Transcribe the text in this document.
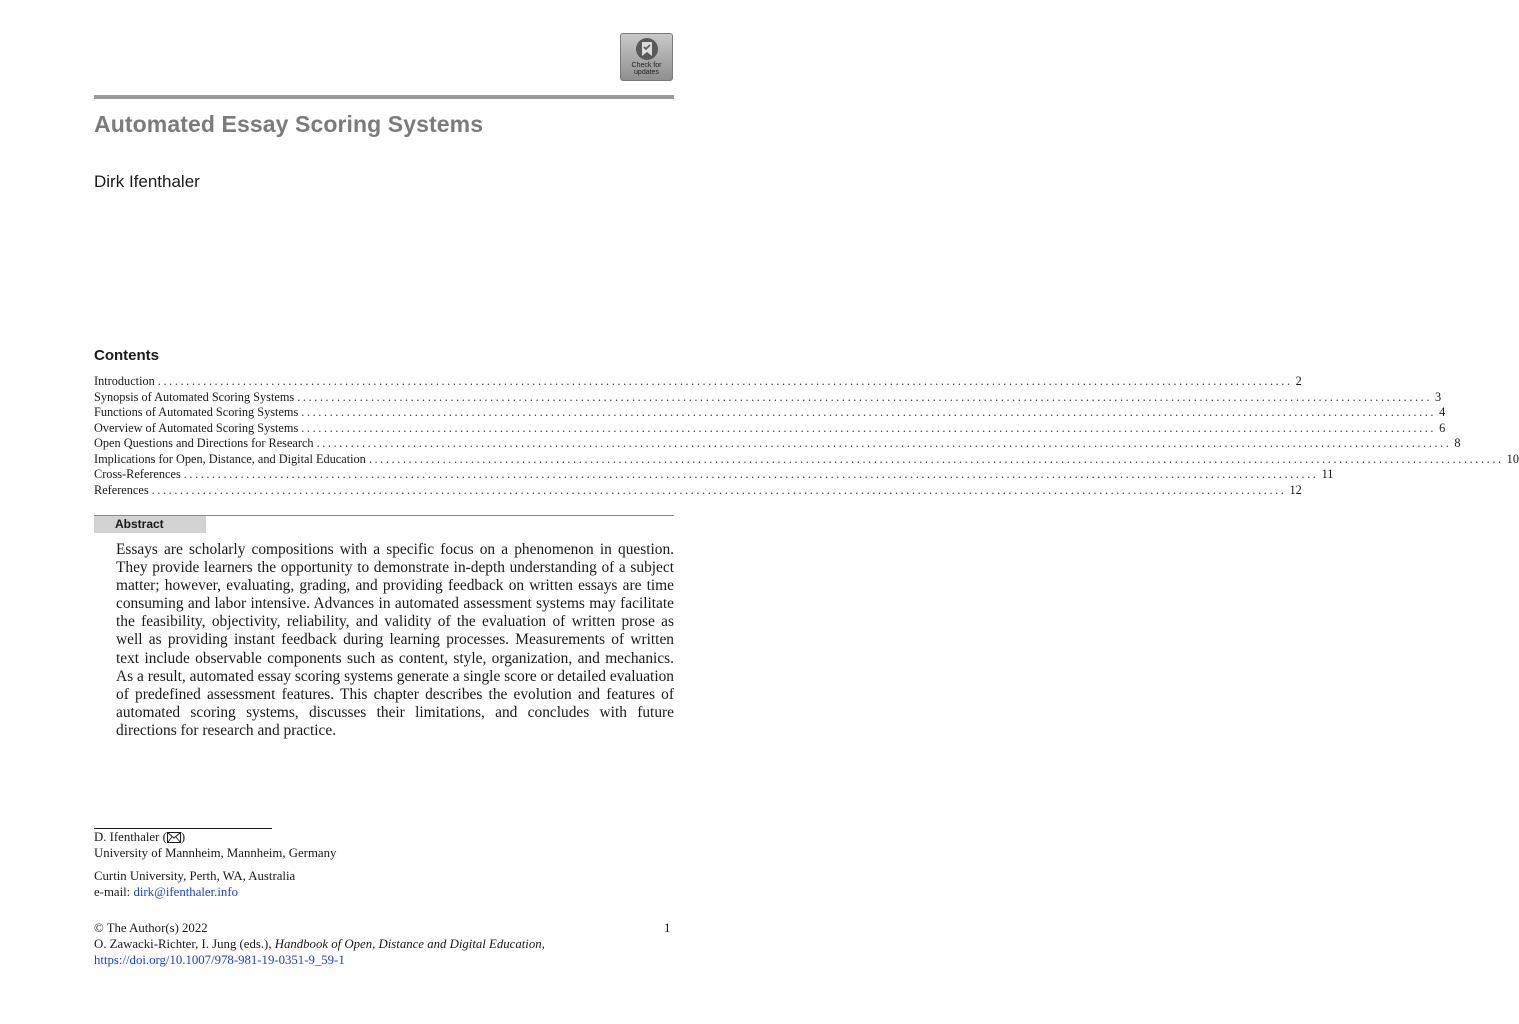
Check for
updates
Automated Essay Scoring Systems

Dirk Ifenthaler

Contents
Introduction ........................................................................................................................................................................................................ 2
Synopsis of Automated Scoring Systems ........................................................................................................................................................................................................ 3
Functions of Automated Scoring Systems ........................................................................................................................................................................................................ 4
Overview of Automated Scoring Systems ........................................................................................................................................................................................................ 6
Open Questions and Directions for Research ........................................................................................................................................................................................................ 8
Implications for Open, Distance, and Digital Education ........................................................................................................................................................................................................ 10
Cross-References ........................................................................................................................................................................................................ 11
References ........................................................................................................................................................................................................ 12
Abstract

Essays are scholarly compositions with a specific focus on a phenomenon in question. They provide learners the opportunity to demonstrate in-depth understanding of a subject matter; however, evaluating, grading, and providing feedback on written essays are time consuming and labor intensive. Advances in automated assessment systems may facilitate the feasibility, objectivity, reliability, and validity of the evaluation of written prose as well as providing instant feedback during learning processes. Measurements of written text include observable components such as content, style, organization, and mechanics. As a result, automated essay scoring systems generate a single score or detailed evaluation of predefined assessment features. This chapter describes the evolution and features of automated scoring systems, discusses their limitations, and concludes with future directions for research and practice.

D. Ifenthaler ( )
University of Mannheim, Mannheim, Germany
Curtin University, Perth, WA, Australia
e-mail: dirk@ifenthaler.info
© The Author(s) 2022
O. Zawacki-Richter, I. Jung (eds.), Handbook of Open, Distance and Digital Education,
https://doi.org/10.1007/978-981-19-0351-9_59-1
1
